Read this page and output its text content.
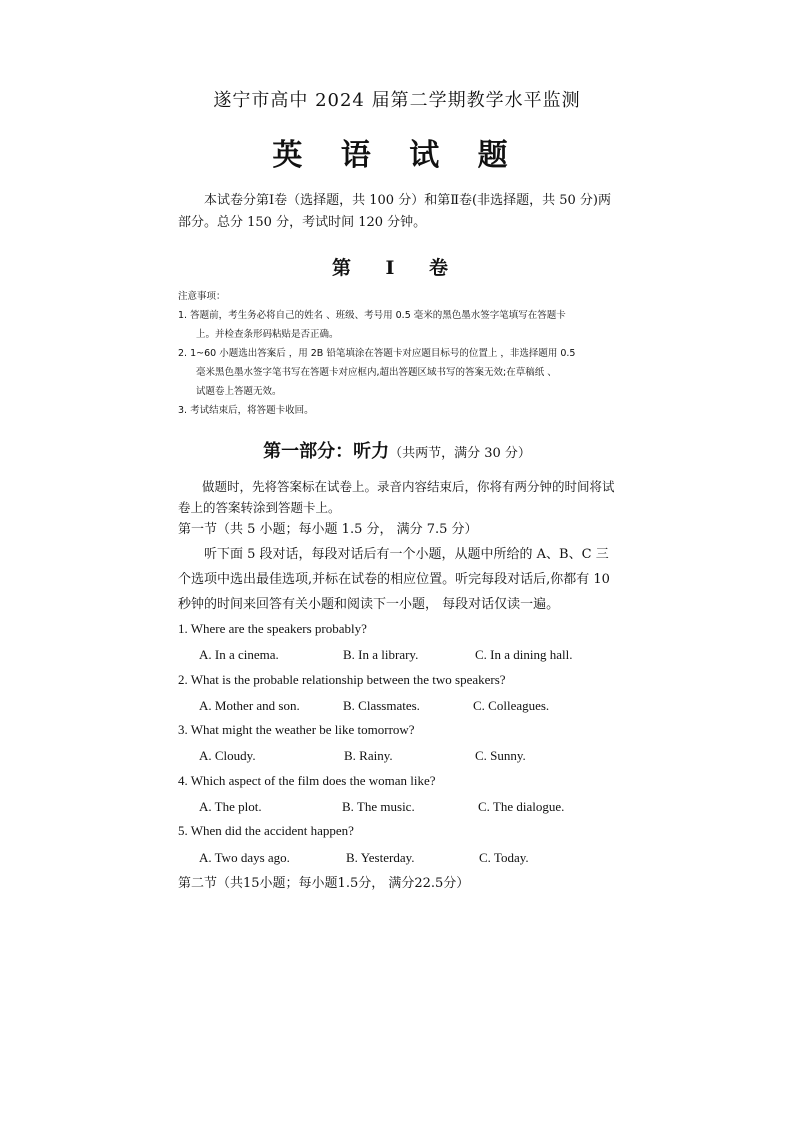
遂宁市高中 2024 届第二学期教学水平监测
英 语 试 题
本试卷分第Ⅰ卷（选择题，共 100 分）和第Ⅱ卷(非选择题，共 50 分)两部分。总分 150 分，考试时间 120 分钟。
第 Ⅰ 卷
注意事项：
1. 答题前，考生务必将自己的姓名 、班级、考号用 0.5 毫米的黑色墨水签字笔填写在答题卡
上。并检查条形码粘贴是否正确。
2. 1~60 小题选出答案后 ，用 2B 铅笔填涂在答题卡对应题目标号的位置上 ，非选择题用 0.5
毫米黑色墨水签字笔书写在答题卡对应框内,超出答题区域书写的答案无效;在草稿纸 、
试题卷上答题无效。
3. 考试结束后，将答题卡收回。
第一部分：听力（共两节，满分 30 分）
做题时，先将答案标在试卷上。录音内容结束后，你将有两分钟的时间将试卷上的答案转涂到答题卡上。
第一节（共 5 小题；每小题 1.5 分， 满分 7.5 分）
听下面 5 段对话，每段对话后有一个小题，从题中所给的 A、B、C 三个选项中选出最佳选项,并标在试卷的相应位置。听完每段对话后,你都有 10 秒钟的时间来回答有关小题和阅读下一小题， 每段对话仅读一遍。
1. Where are the speakers probably?
A. In a cinema.	B. In a library.	C. In a dining hall.
2. What is the probable relationship between the two speakers?
A. Mother and son.	B. Classmates.	C. Colleagues.
3. What might the weather be like tomorrow?
A. Cloudy.	B. Rainy.	C. Sunny.
4. Which aspect of the film does the woman like?
A. The plot.	B. The music.	C. The dialogue.
5. When did the accident happen?
A. Two days ago.	B. Yesterday.	C. Today.
第二节（共15小题；每小题1.5分， 满分22.5分）
